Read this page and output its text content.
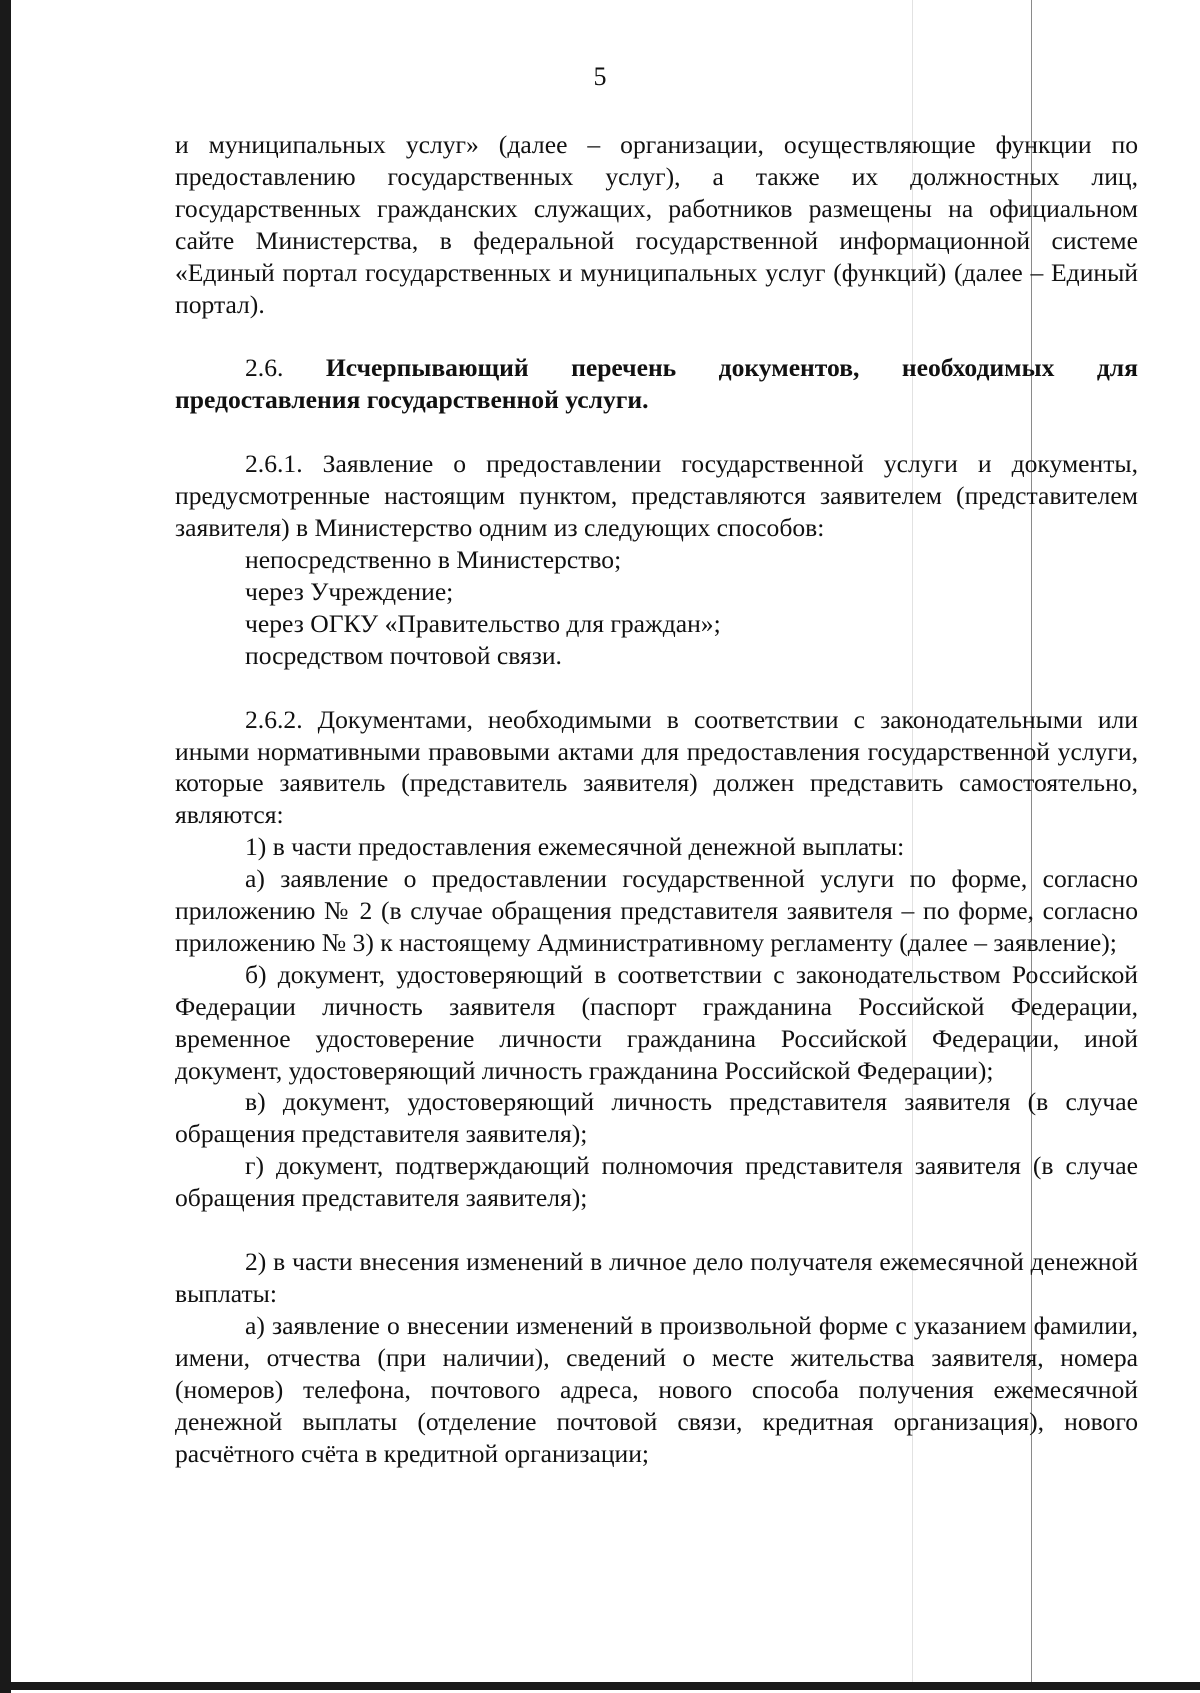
5

и муниципальных услуг» (далее – организации, осуществляющие функции по предоставлению государственных услуг), а также их должностных лиц, государственных гражданских служащих, работников размещены на официальном сайте Министерства, в федеральной государственной информационной системе «Единый портал государственных и муниципальных услуг (функций) (далее – Единый портал).

2.6. Исчерпывающий перечень документов, необходимых для предоставления государственной услуги.

2.6.1. Заявление о предоставлении государственной услуги и документы, предусмотренные настоящим пунктом, представляются заявителем (представителем заявителя) в Министерство одним из следующих способов:

непосредственно в Министерство;

через Учреждение;

через ОГКУ «Правительство для граждан»;

посредством почтовой связи.

2.6.2. Документами, необходимыми в соответствии с законодательными или иными нормативными правовыми актами для предоставления государственной услуги, которые заявитель (представитель заявителя) должен представить самостоятельно, являются:

1) в части предоставления ежемесячной денежной выплаты:

а) заявление о предоставлении государственной услуги по форме, согласно приложению № 2 (в случае обращения представителя заявителя – по форме, согласно приложению № 3) к настоящему Административному регламенту (далее – заявление);

б) документ, удостоверяющий в соответствии с законодательством Российской Федерации личность заявителя (паспорт гражданина Российской Федерации, временное удостоверение личности гражданина Российской Федерации, иной документ, удостоверяющий личность гражданина Российской Федерации);

в) документ, удостоверяющий личность представителя заявителя (в случае обращения представителя заявителя);

г) документ, подтверждающий полномочия представителя заявителя (в случае обращения представителя заявителя);

2) в части внесения изменений в личное дело получателя ежемесячной денежной выплаты:

а) заявление о внесении изменений в произвольной форме с указанием фамилии, имени, отчества (при наличии), сведений о месте жительства заявителя, номера (номеров) телефона, почтового адреса, нового способа получения ежемесячной денежной выплаты (отделение почтовой связи, кредитная организация), нового расчётного счёта в кредитной организации;
